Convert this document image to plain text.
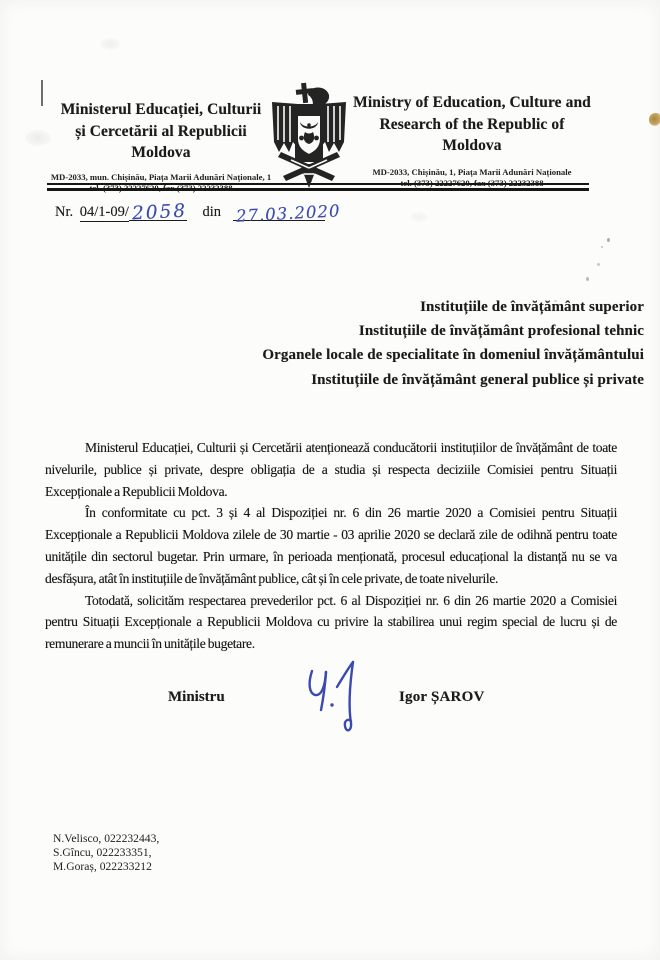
Ministerul Educației, Culturii
și Cercetării al Republicii Moldova
MD-2033, mun. Chișinău, Piața Marii Adunări Naționale, 1
tel. (373) 22227620, fax (373) 22232388
Ministry of Education, Culture and
Research of the Republic of Moldova
MD-2033, Chișinău, 1, Piața Marii Adunări Naționale
tel. (373) 22227620, fax (373) 22232388
Nr. 04/1-09/ 2058 din 27.03.2020
Instituțiile de învățământ superior
Instituțiile de învățământ profesional tehnic
Organele locale de specialitate în domeniul învățământului
Instituțiile de învățământ general publice și private

Ministerul Educației, Culturii și Cercetării atenționează conducătorii instituțiilor de învățământ de toate nivelurile, publice și private, despre obligația de a studia și respecta deciziile Comisiei pentru Situații Excepționale a Republicii Moldova.

În conformitate cu pct. 3 și 4 al Dispoziției nr. 6 din 26 martie 2020 a Comisiei pentru Situații Excepționale a Republicii Moldova zilele de 30 martie - 03 aprilie 2020 se declară zile de odihnă pentru toate unitățile din sectorul bugetar. Prin urmare, în perioada menționată, procesul educațional la distanță nu se va desfășura, atât în instituțiile de învățământ publice, cât și în cele private, de toate nivelurile.

Totodată, solicităm respectarea prevederilor pct. 6 al Dispoziției nr. 6 din 26 martie 2020 a Comisiei pentru Situații Excepționale a Republicii Moldova cu privire la stabilirea unui regim special de lucru și de remunerare a muncii în unitățile bugetare.

Ministru	Igor ȘAROV
N.Velisco, 022232443,
S.Gîncu, 022233351,
M.Goraș, 022233212
